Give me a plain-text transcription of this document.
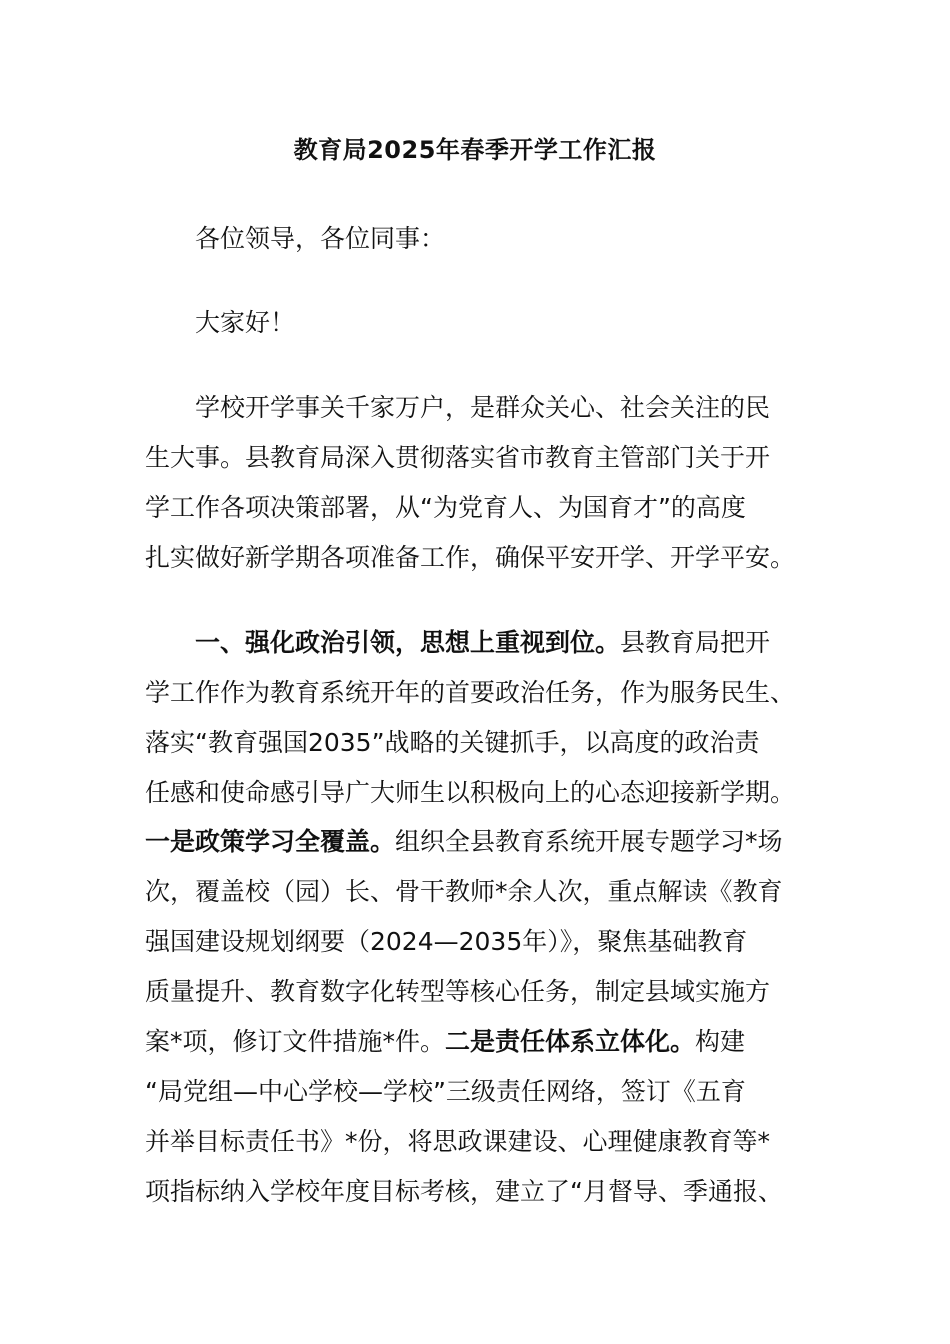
教育局2025年春季开学工作汇报
各位领导，各位同事：
大家好！
学校开学事关千家万户，是群众关心、社会关注的民
生大事。县教育局深入贯彻落实省市教育主管部门关于开
学工作各项决策部署，从“为党育人、为国育才”的高度
扎实做好新学期各项准备工作，确保平安开学、开学平安。
一、强化政治引领，思想上重视到位。县教育局把开
学工作作为教育系统开年的首要政治任务，作为服务民生、
落实“教育强国2035”战略的关键抓手，以高度的政治责
任感和使命感引导广大师生以积极向上的心态迎接新学期。
一是政策学习全覆盖。组织全县教育系统开展专题学习*场
次，覆盖校（园）长、骨干教师*余人次，重点解读《教育
强国建设规划纲要（2024—2035年）》，聚焦基础教育
质量提升、教育数字化转型等核心任务，制定县域实施方
案*项，修订文件措施*件。二是责任体系立体化。构建
“局党组—中心学校—学校”三级责任网络，签订《五育
并举目标责任书》*份，将思政课建设、心理健康教育等*
项指标纳入学校年度目标考核，建立了“月督导、季通报、
